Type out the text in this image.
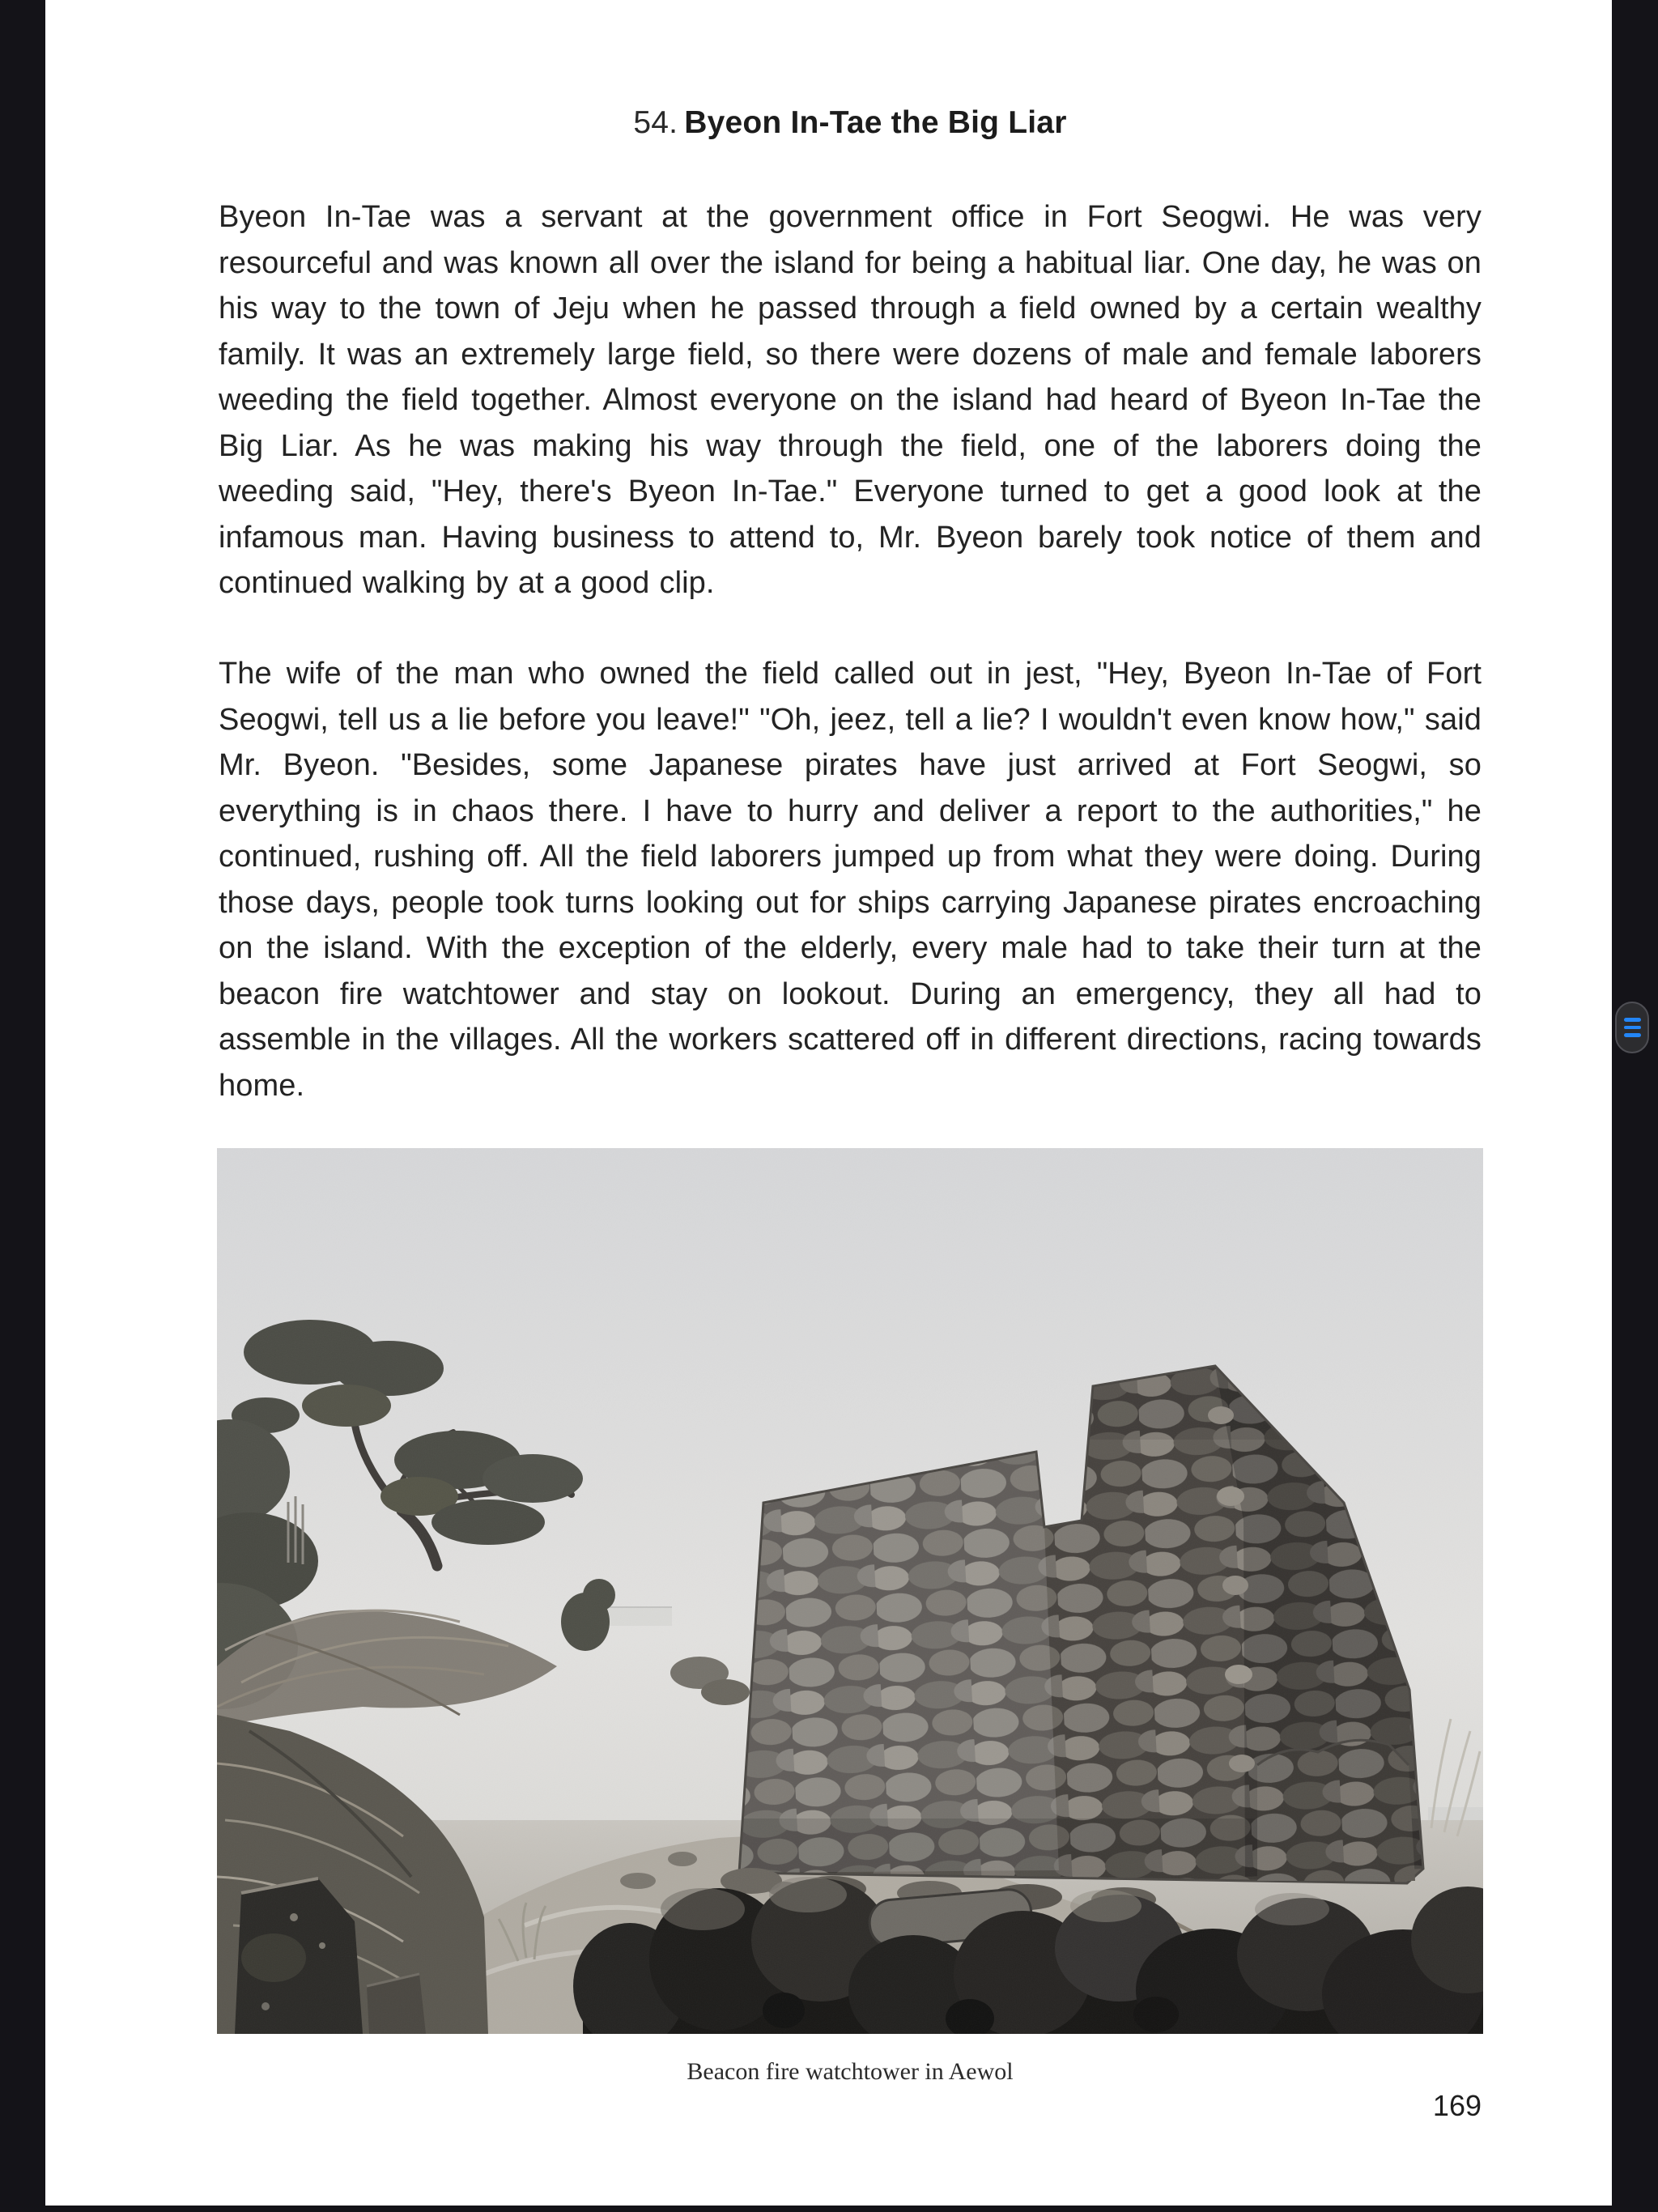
54. Byeon In-Tae the Big Liar

Byeon In-Tae was a servant at the government office in Fort Seogwi. He was very resourceful and was known all over the island for being a habitual liar. One day, he was on his way to the town of Jeju when he passed through a field owned by a certain wealthy family. It was an extremely large field, so there were dozens of male and female laborers weeding the field together. Almost everyone on the island had heard of Byeon In-Tae the Big Liar. As he was making his way through the field, one of the laborers doing the weeding said, "Hey, there's Byeon In-Tae." Everyone turned to get a good look at the infamous man. Having business to attend to, Mr. Byeon barely took notice of them and continued walking by at a good clip.

The wife of the man who owned the field called out in jest, "Hey, Byeon In-Tae of Fort Seogwi, tell us a lie before you leave!" "Oh, jeez, tell a lie? I wouldn't even know how," said Mr. Byeon. "Besides, some Japanese pirates have just arrived at Fort Seogwi, so everything is in chaos there. I have to hurry and deliver a report to the authorities," he continued, rushing off. All the field laborers jumped up from what they were doing. During those days, people took turns looking out for ships carrying Japanese pirates encroaching on the island. With the exception of the elderly, every male had to take their turn at the beacon fire watchtower and stay on lookout. During an emergency, they all had to assemble in the villages. All the workers scattered off in different directions, racing towards home.

Beacon fire watchtower in Aewol
169
